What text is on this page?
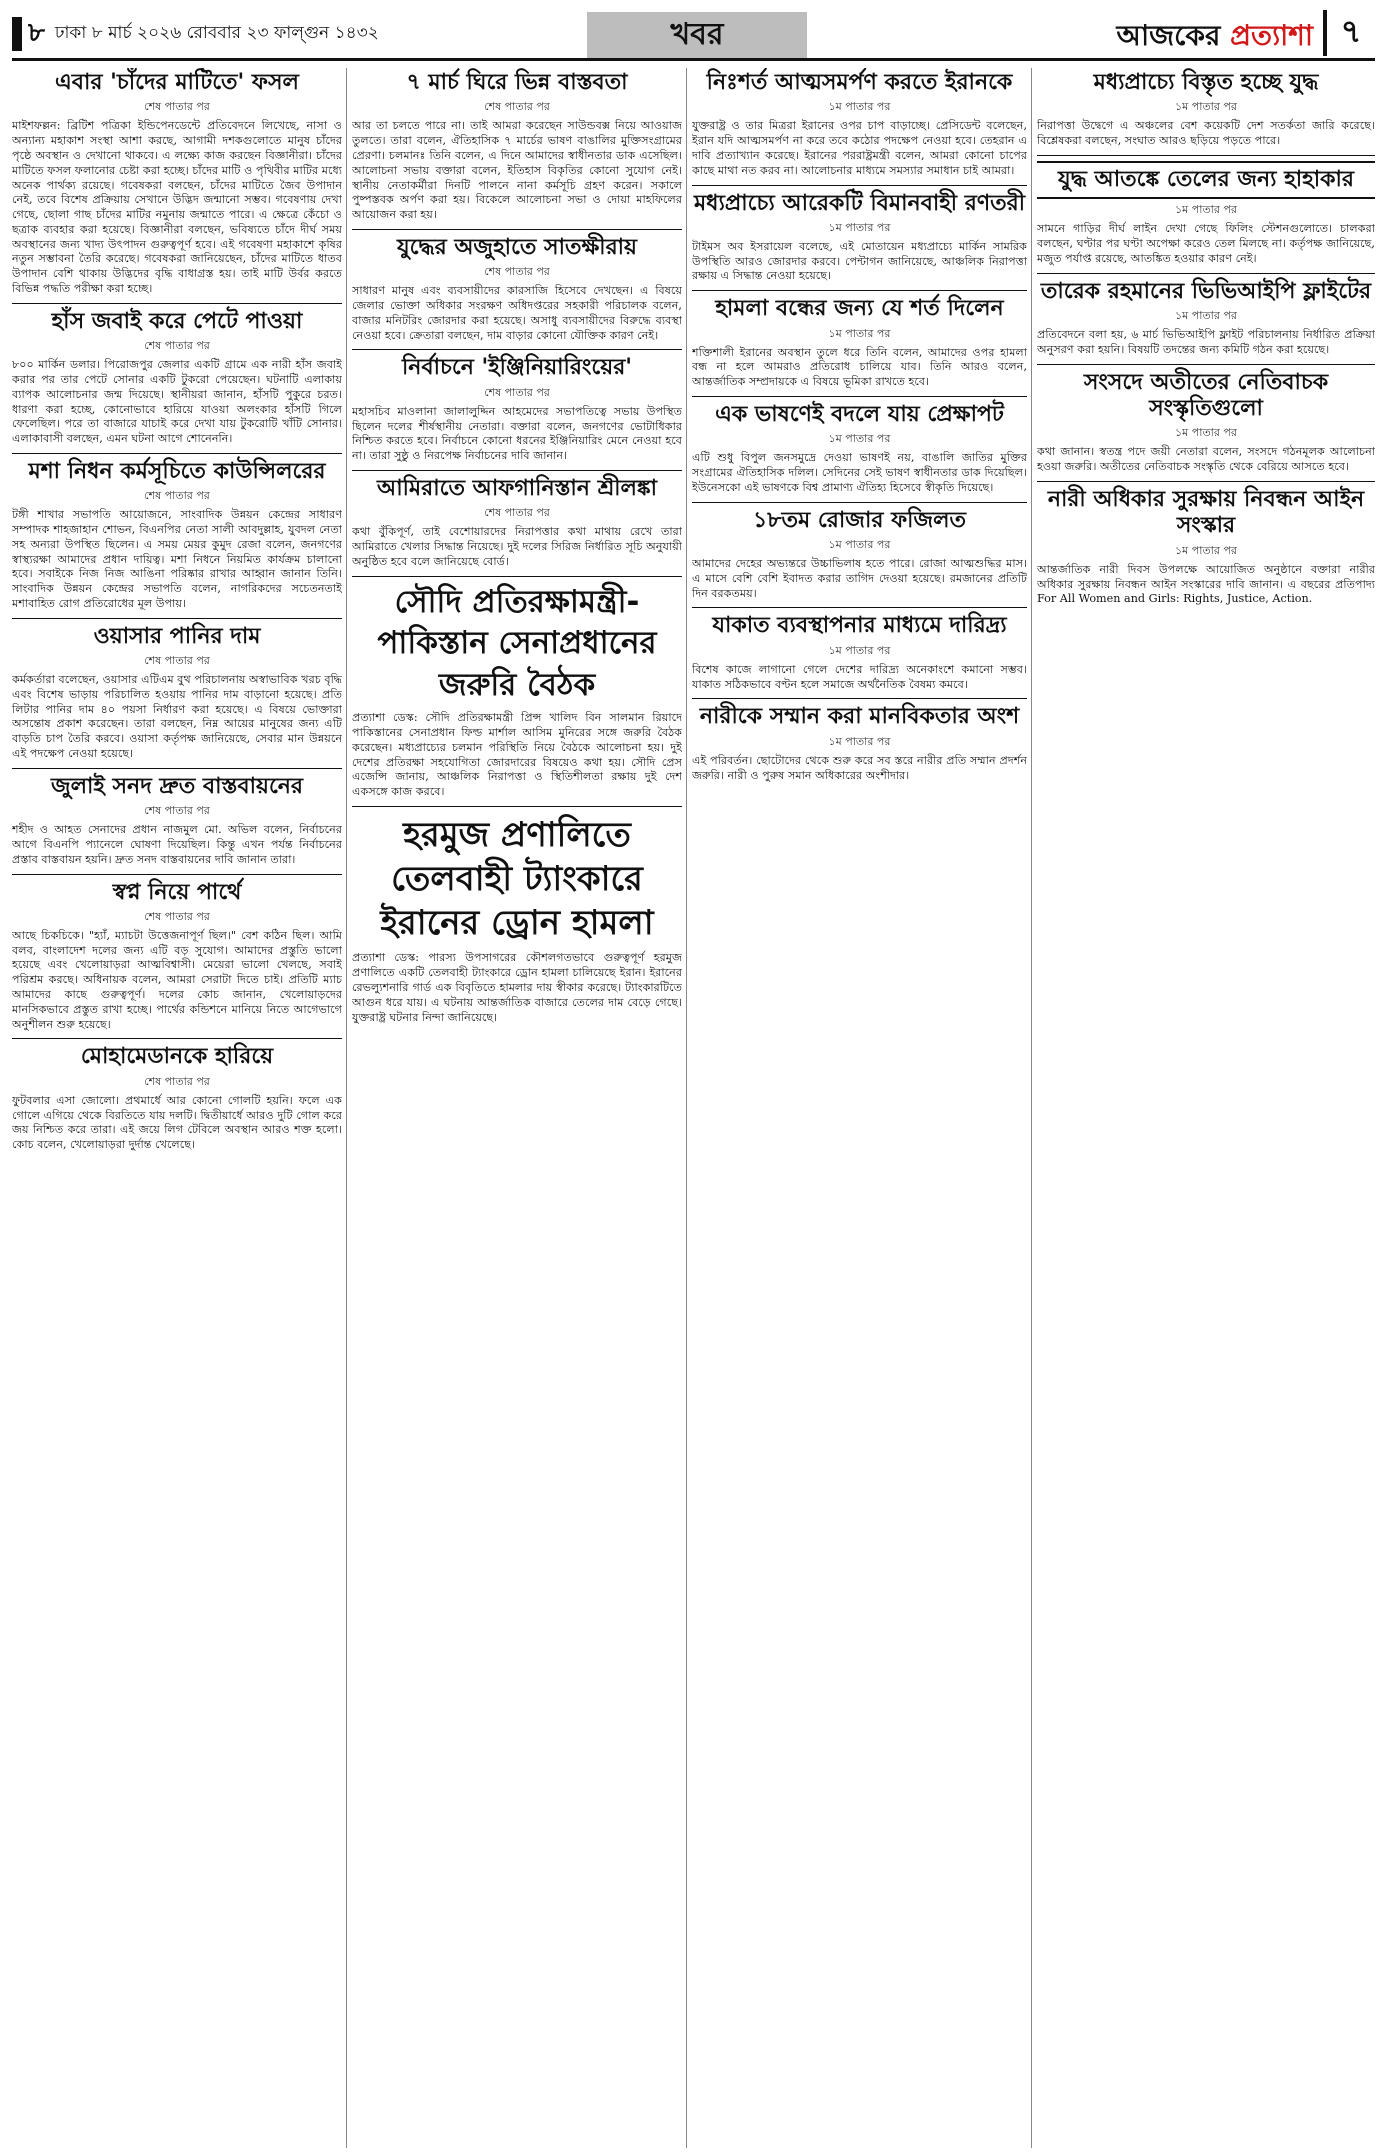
৮ ঢাকা ৮ মার্চ ২০২৬ রোববার ২৩ ফাল্গুন ১৪৩২	খবর	আজকের প্রত্যাশা ৭
এবার 'চাঁদের মাটিতে' ফসল
শেষ পাতার পর

মাইশফল্লন: ব্রিটিশ পত্রিকা ইন্ডিপেনডেন্টে প্রতিবেদনে লিখেছে, নাসা ও অন্যান্য মহাকাশ সংস্থা আশা করছে, আগামী দশকগুলোতে মানুষ চাঁদের পৃষ্ঠে অবস্থান ও দেখানো থাকবে। এ লক্ষ্যে কাজ করছেন বিজ্ঞানীরা। চাঁদের মাটিতে ফসল ফলানোর চেষ্টা করা হচ্ছে। চাঁদের মাটি ও পৃথিবীর মাটির মধ্যে অনেক পার্থক্য রয়েছে। গবেষকরা বলছেন, চাঁদের মাটিতে জৈব উপাদান নেই, তবে বিশেষ প্রক্রিয়ায় সেখানে উদ্ভিদ জন্মানো সম্ভব। গবেষণায় দেখা গেছে, ছোলা গাছ চাঁদের মাটির নমুনায় জন্মাতে পারে। এ ক্ষেত্রে কেঁচো ও ছত্রাক ব্যবহার করা হয়েছে। বিজ্ঞানীরা বলছেন, ভবিষ্যতে চাঁদে দীর্ঘ সময় অবস্থানের জন্য খাদ্য উৎপাদন গুরুত্বপূর্ণ হবে। এই গবেষণা মহাকাশে কৃষির নতুন সম্ভাবনা তৈরি করেছে। গবেষকরা জানিয়েছেন, চাঁদের মাটিতে ধাতব উপাদান বেশি থাকায় উদ্ভিদের বৃদ্ধি বাধাগ্রস্ত হয়। তাই মাটি উর্বর করতে বিভিন্ন পদ্ধতি পরীক্ষা করা হচ্ছে।

হাঁস জবাই করে পেটে পাওয়া
শেষ পাতার পর

৮০০ মার্কিন ডলার। পিরোজপুর জেলার একটি গ্রামে এক নারী হাঁস জবাই করার পর তার পেটে সোনার একটি টুকরো পেয়েছেন। ঘটনাটি এলাকায় ব্যাপক আলোচনার জন্ম দিয়েছে। স্থানীয়রা জানান, হাঁসটি পুকুরে চরত। ধারণা করা হচ্ছে, কোনোভাবে হারিয়ে যাওয়া অলংকার হাঁসটি গিলে ফেলেছিল। পরে তা বাজারে যাচাই করে দেখা যায় টুকরোটি খাঁটি সোনার। এলাকাবাসী বলছেন, এমন ঘটনা আগে শোনেননি।

মশা নিধন কর্মসূচিতে কাউন্সিলরের
শেষ পাতার পর

টঙ্গী শাখার সভাপতি আয়োজনে, সাংবাদিক উন্নয়ন কেন্দ্রের সাধারণ সম্পাদক শাহজাহান শোভন, বিএনপির নেতা সালী আবদুল্লাহ, যুবদল নেতা সহ অন্যরা উপস্থিত ছিলেন। এ সময় মেয়র কুমুদ রেজা বলেন, জনগণের স্বাস্থ্যরক্ষা আমাদের প্রধান দায়িত্ব। মশা নিধনে নিয়মিত কার্যক্রম চালানো হবে। সবাইকে নিজ নিজ আঙিনা পরিষ্কার রাখার আহ্বান জানান তিনি। সাংবাদিক উন্নয়ন কেন্দ্রের সভাপতি বলেন, নাগরিকদের সচেতনতাই মশাবাহিত রোগ প্রতিরোধের মূল উপায়।

ওয়াসার পানির দাম
শেষ পাতার পর

কর্মকর্তারা বলেছেন, ওয়াসার এটিএম বুথ পরিচালনায় অস্বাভাবিক খরচ বৃদ্ধি এবং বিশেষ ভাড়ায় পরিচালিত হওয়ায় পানির দাম বাড়ানো হয়েছে। প্রতি লিটার পানির দাম ৪০ পয়সা নির্ধারণ করা হয়েছে। এ বিষয়ে ভোক্তারা অসন্তোষ প্রকাশ করেছেন। তারা বলছেন, নিম্ন আয়ের মানুষের জন্য এটি বাড়তি চাপ তৈরি করবে। ওয়াসা কর্তৃপক্ষ জানিয়েছে, সেবার মান উন্নয়নে এই পদক্ষেপ নেওয়া হয়েছে।

জুলাই সনদ দ্রুত বাস্তবায়নের
শেষ পাতার পর

শহীদ ও আহত সেনাদের প্রধান নাজমুল মো. অভিল বলেন, নির্বাচনের আগে বিএনপি প্যানেলে ঘোষণা দিয়েছিল। কিন্তু এখন পর্যন্ত নির্বাচনের প্রস্তাব বাস্তবায়ন হয়নি। দ্রুত সনদ বাস্তবায়নের দাবি জানান তারা।

স্বপ্ন নিয়ে পার্থে
শেষ পাতার পর

আছে চিকচিকে। "হ্যাঁ, ম্যাচটা উত্তেজনাপূর্ণ ছিল।" বেশ কঠিন ছিল। আমি বলব, বাংলাদেশ দলের জন্য এটি বড় সুযোগ। আমাদের প্রস্তুতি ভালো হয়েছে এবং খেলোয়াড়রা আত্মবিশ্বাসী। মেয়েরা ভালো খেলছে, সবাই পরিশ্রম করছে। অধিনায়ক বলেন, আমরা সেরাটা দিতে চাই। প্রতিটি ম্যাচ আমাদের কাছে গুরুত্বপূর্ণ। দলের কোচ জানান, খেলোয়াড়দের মানসিকভাবে প্রস্তুত রাখা হচ্ছে। পার্থের কন্ডিশনে মানিয়ে নিতে আগেভাগে অনুশীলন শুরু হয়েছে।

মোহামেডানকে হারিয়ে
শেষ পাতার পর

ফুটবলার এসা জোলো। প্রথমার্ধে আর কোনো গোলটি হয়নি। ফলে এক গোলে এগিয়ে থেকে বিরতিতে যায় দলটি। দ্বিতীয়ার্ধে আরও দুটি গোল করে জয় নিশ্চিত করে তারা। এই জয়ে লিগ টেবিলে অবস্থান আরও শক্ত হলো। কোচ বলেন, খেলোয়াড়রা দুর্দান্ত খেলেছে।

৭ মার্চ ঘিরে ভিন্ন বাস্তবতা
শেষ পাতার পর

আর তা চলতে পারে না। তাই আমরা করেছেন সাউন্ডবক্স নিয়ে আওয়াজ তুলতে। তারা বলেন, ঐতিহাসিক ৭ মার্চের ভাষণ বাঙালির মুক্তিসংগ্রামের প্রেরণা। চলমানঃ তিনি বলেন, এ দিনে আমাদের স্বাধীনতার ডাক এসেছিল। আলোচনা সভায় বক্তারা বলেন, ইতিহাস বিকৃতির কোনো সুযোগ নেই। স্থানীয় নেতাকর্মীরা দিনটি পালনে নানা কর্মসূচি গ্রহণ করেন। সকালে পুষ্পস্তবক অর্পণ করা হয়। বিকেলে আলোচনা সভা ও দোয়া মাহফিলের আয়োজন করা হয়।

যুদ্ধের অজুহাতে সাতক্ষীরায়
শেষ পাতার পর

সাধারণ মানুষ এবং ব্যবসায়ীদের কারসাজি হিসেবে দেখছেন। এ বিষয়ে জেলার ভোক্তা অধিকার সংরক্ষণ অধিদপ্তরের সহকারী পরিচালক বলেন, বাজার মনিটরিং জোরদার করা হয়েছে। অসাধু ব্যবসায়ীদের বিরুদ্ধে ব্যবস্থা নেওয়া হবে। ক্রেতারা বলছেন, দাম বাড়ার কোনো যৌক্তিক কারণ নেই।

নির্বাচনে 'ইঞ্জিনিয়ারিংয়ের'
শেষ পাতার পর

মহাসচিব মাওলানা জালালুদ্দিন আহমেদের সভাপতিত্বে সভায় উপস্থিত ছিলেন দলের শীর্ষস্থানীয় নেতারা। বক্তারা বলেন, জনগণের ভোটাধিকার নিশ্চিত করতে হবে। নির্বাচনে কোনো ধরনের ইঞ্জিনিয়ারিং মেনে নেওয়া হবে না। তারা সুষ্ঠু ও নিরপেক্ষ নির্বাচনের দাবি জানান।

আমিরাতে আফগানিস্তান শ্রীলঙ্কা
শেষ পাতার পর

কথা বুঁকিপূর্ণ, তাই বেশোয়ারদের নিরাপত্তার কথা মাথায় রেখে তারা আমিরাতে খেলার সিদ্ধান্ত নিয়েছে। দুই দলের সিরিজ নির্ধারিত সূচি অনুযায়ী অনুষ্ঠিত হবে বলে জানিয়েছে বোর্ড।

সৌদি প্রতিরক্ষামন্ত্রী-পাকিস্তান সেনাপ্রধানের জরুরি বৈঠক

প্রত্যাশা ডেস্ক: সৌদি প্রতিরক্ষামন্ত্রী প্রিন্স খালিদ বিন সালমান রিয়াদে পাকিস্তানের সেনাপ্রধান ফিল্ড মার্শাল আসিম মুনিরের সঙ্গে জরুরি বৈঠক করেছেন। মধ্যপ্রাচ্যের চলমান পরিস্থিতি নিয়ে বৈঠকে আলোচনা হয়। দুই দেশের প্রতিরক্ষা সহযোগিতা জোরদারের বিষয়েও কথা হয়। সৌদি প্রেস এজেন্সি জানায়, আঞ্চলিক নিরাপত্তা ও স্থিতিশীলতা রক্ষায় দুই দেশ একসঙ্গে কাজ করবে।

হরমুজ প্রণালিতে তেলবাহী ট্যাংকারে ইরানের ড্রোন হামলা

প্রত্যাশা ডেস্ক: পারস্য উপসাগরের কৌশলগতভাবে গুরুত্বপূর্ণ হরমুজ প্রণালিতে একটি তেলবাহী ট্যাংকারে ড্রোন হামলা চালিয়েছে ইরান। ইরানের রেভল্যুশনারি গার্ড এক বিবৃতিতে হামলার দায় স্বীকার করেছে। ট্যাংকারটিতে আগুন ধরে যায়। এ ঘটনায় আন্তর্জাতিক বাজারে তেলের দাম বেড়ে গেছে। যুক্তরাষ্ট্র ঘটনার নিন্দা জানিয়েছে।

নিঃশর্ত আত্মসমর্পণ করতে ইরানকে
১ম পাতার পর

যুক্তরাষ্ট্র ও তার মিত্ররা ইরানের ওপর চাপ বাড়াচ্ছে। প্রেসিডেন্ট বলেছেন, ইরান যদি আত্মসমর্পণ না করে তবে কঠোর পদক্ষেপ নেওয়া হবে। তেহরান এ দাবি প্রত্যাখ্যান করেছে। ইরানের পররাষ্ট্রমন্ত্রী বলেন, আমরা কোনো চাপের কাছে মাথা নত করব না। আলোচনার মাধ্যমে সমস্যার সমাধান চাই আমরা।

মধ্যপ্রাচ্যে আরেকটি বিমানবাহী রণতরী
১ম পাতার পর

টাইমস অব ইসরায়েল বলেছে, এই মোতায়েন মধ্যপ্রাচ্যে মার্কিন সামরিক উপস্থিতি আরও জোরদার করবে। পেন্টাগন জানিয়েছে, আঞ্চলিক নিরাপত্তা রক্ষায় এ সিদ্ধান্ত নেওয়া হয়েছে।

হামলা বন্ধের জন্য যে শর্ত দিলেন
১ম পাতার পর

শক্তিশালী ইরানের অবস্থান তুলে ধরে তিনি বলেন, আমাদের ওপর হামলা বন্ধ না হলে আমরাও প্রতিরোধ চালিয়ে যাব। তিনি আরও বলেন, আন্তর্জাতিক সম্প্রদায়কে এ বিষয়ে ভূমিকা রাখতে হবে।

এক ভাষণেই বদলে যায় প্রেক্ষাপট
১ম পাতার পর

এটি শুধু বিপুল জনসমুদ্রে দেওয়া ভাষণই নয়, বাঙালি জাতির মুক্তির সংগ্রামের ঐতিহাসিক দলিল। সেদিনের সেই ভাষণ স্বাধীনতার ডাক দিয়েছিল। ইউনেসকো এই ভাষণকে বিশ্ব প্রামাণ্য ঐতিহ্য হিসেবে স্বীকৃতি দিয়েছে।

১৮তম রোজার ফজিলত
১ম পাতার পর

আমাদের দেহের অভ্যন্তরে উচ্চাভিলাষ হতে পারে। রোজা আত্মশুদ্ধির মাস। এ মাসে বেশি বেশি ইবাদত করার তাগিদ দেওয়া হয়েছে। রমজানের প্রতিটি দিন বরকতময়।

যাকাত ব্যবস্থাপনার মাধ্যমে দারিদ্র্য
১ম পাতার পর

বিশেষ কাজে লাগানো গেলে দেশের দারিদ্র্য অনেকাংশে কমানো সম্ভব। যাকাত সঠিকভাবে বণ্টন হলে সমাজে অর্থনৈতিক বৈষম্য কমবে।

নারীকে সম্মান করা মানবিকতার অংশ
১ম পাতার পর

এই পরিবর্তন। ছোটোদের থেকে শুরু করে সব স্তরে নারীর প্রতি সম্মান প্রদর্শন জরুরি। নারী ও পুরুষ সমান অধিকারের অংশীদার।

মধ্যপ্রাচ্যে বিস্তৃত হচ্ছে যুদ্ধ
১ম পাতার পর

নিরাপত্তা উদ্বেগে এ অঞ্চলের বেশ কয়েকটি দেশ সতর্কতা জারি করেছে। বিশ্লেষকরা বলছেন, সংঘাত আরও ছড়িয়ে পড়তে পারে।

যুদ্ধ আতঙ্কে তেলের জন্য হাহাকার
১ম পাতার পর

সামনে গাড়ির দীর্ঘ লাইন দেখা গেছে ফিলিং স্টেশনগুলোতে। চালকরা বলছেন, ঘণ্টার পর ঘণ্টা অপেক্ষা করেও তেল মিলছে না। কর্তৃপক্ষ জানিয়েছে, মজুত পর্যাপ্ত রয়েছে, আতঙ্কিত হওয়ার কারণ নেই।

তারেক রহমানের ভিভিআইপি ফ্লাইটের
১ম পাতার পর

প্রতিবেদনে বলা হয়, ৬ মার্চ ভিভিআইপি ফ্লাইট পরিচালনায় নির্ধারিত প্রক্রিয়া অনুসরণ করা হয়নি। বিষয়টি তদন্তের জন্য কমিটি গঠন করা হয়েছে।

সংসদে অতীতের নেতিবাচক সংস্কৃতিগুলো
১ম পাতার পর

কথা জানান। স্বতন্ত্র পদে জয়ী নেতারা বলেন, সংসদে গঠনমূলক আলোচনা হওয়া জরুরি। অতীতের নেতিবাচক সংস্কৃতি থেকে বেরিয়ে আসতে হবে।

নারী অধিকার সুরক্ষায় নিবন্ধন আইন সংস্কার
১ম পাতার পর

আন্তর্জাতিক নারী দিবস উপলক্ষে আয়োজিত অনুষ্ঠানে বক্তারা নারীর অধিকার সুরক্ষায় নিবন্ধন আইন সংস্কারের দাবি জানান। এ বছরের প্রতিপাদ্য For All Women and Girls: Rights, Justice, Action.
